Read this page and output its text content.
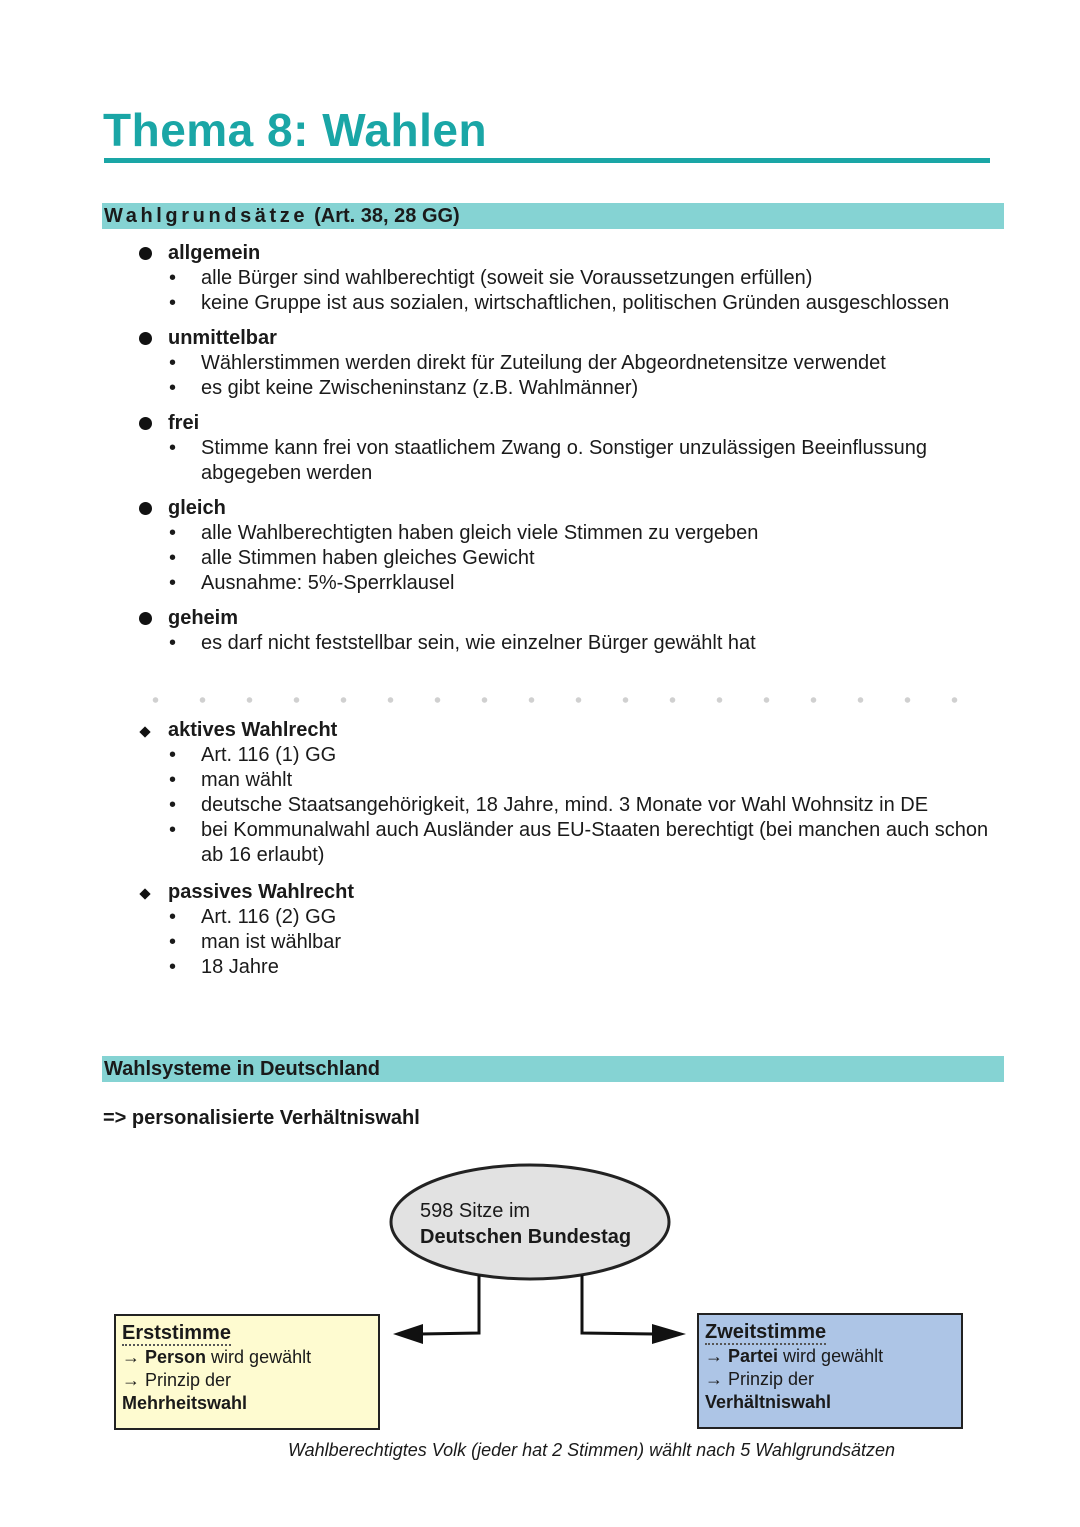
Thema 8: Wahlen
Wahlgrundsätze (Art. 38, 28 GG)
allgemein
• alle Bürger sind wahlberechtigt (soweit sie Voraussetzungen erfüllen)
• keine Gruppe ist aus sozialen, wirtschaftlichen, politischen Gründen ausgeschlossen
unmittelbar
• Wählerstimmen werden direkt für Zuteilung der Abgeordnetensitze verwendet
• es gibt keine Zwischeninstanz (z.B. Wahlmänner)
frei
• Stimme kann frei von staatlichem Zwang o. Sonstiger unzulässigen Beeinflussung abgegeben werden
gleich
• alle Wahlberechtigten haben gleich viele Stimmen zu vergeben
• alle Stimmen haben gleiches Gewicht
• Ausnahme: 5%-Sperrklausel
geheim
• es darf nicht feststellbar sein, wie einzelner Bürger gewählt hat
aktives Wahlrecht
• Art. 116 (1) GG
• man wählt
• deutsche Staatsangehörigkeit, 18 Jahre, mind. 3 Monate vor Wahl Wohnsitz in DE
• bei Kommunalwahl auch Ausländer aus EU-Staaten berechtigt (bei manchen auch schon ab 16 erlaubt)
passives Wahlrecht
• Art. 116 (2) GG
• man ist wählbar
• 18 Jahre
Wahlsysteme in Deutschland
=> personalisierte Verhältniswahl
598 Sitze im
Deutschen Bundestag
Erststimme
→ Person wird gewählt
→ Prinzip der
Mehrheitswahl
Zweitstimme
→ Partei wird gewählt
→ Prinzip der
Verhältniswahl
Wahlberechtigtes Volk (jeder hat 2 Stimmen) wählt nach 5 Wahlgrundsätzen
